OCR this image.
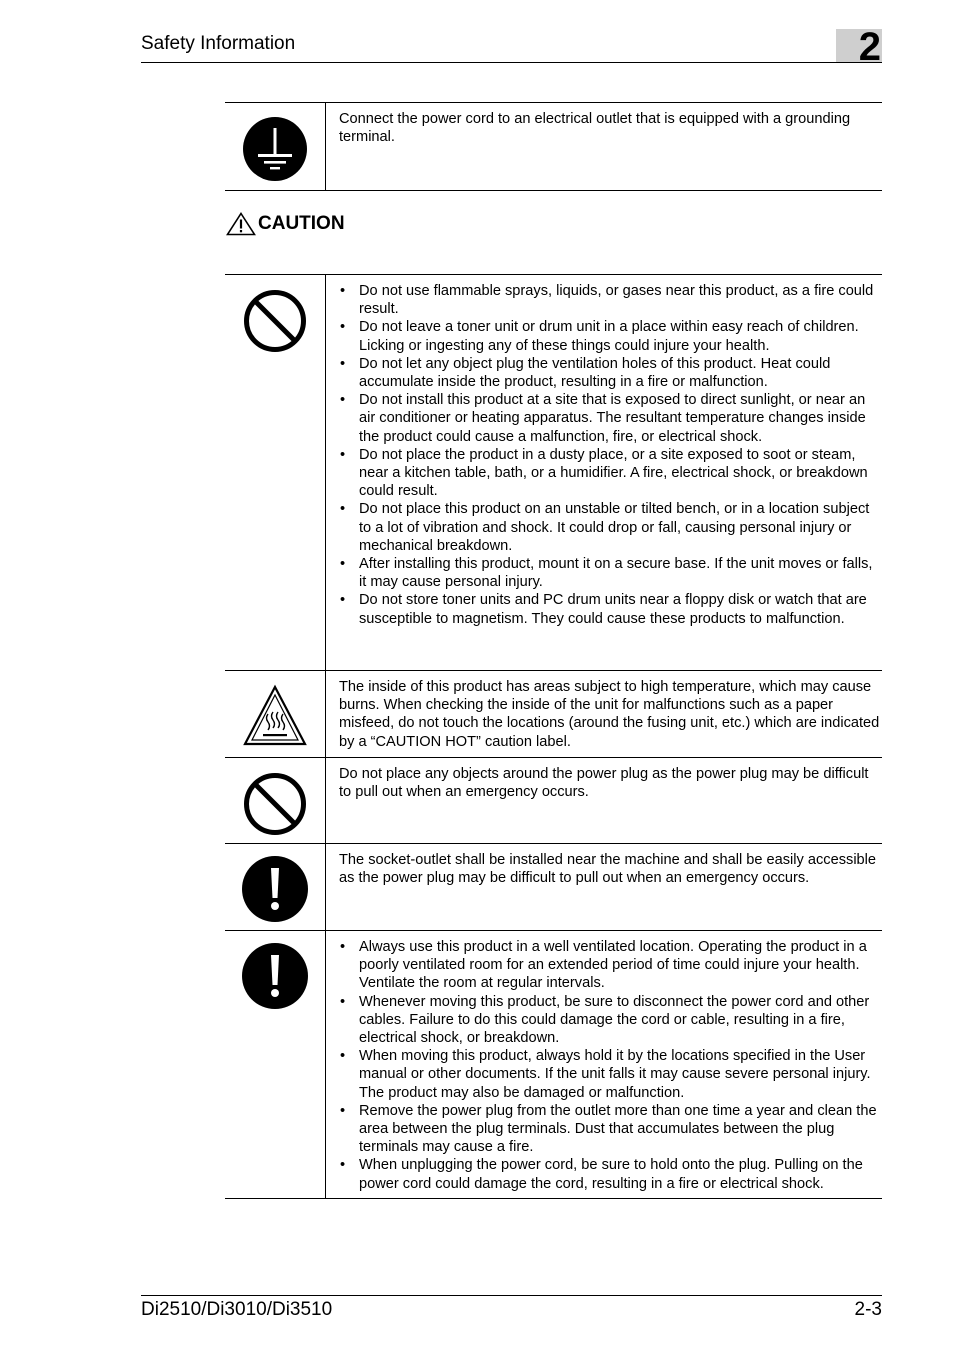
Safety Information	2

Connect the power cord to an electrical outlet that is equipped with a grounding terminal.

CAUTION
• Do not use flammable sprays, liquids, or gases near this product, as a fire could result.
• Do not leave a toner unit or drum unit in a place within easy reach of children.
Licking or ingesting any of these things could injure your health.
• Do not let any object plug the ventilation holes of this product. Heat could accumulate inside the product, resulting in a fire or malfunction.
• Do not install this product at a site that is exposed to direct sunlight, or near an air conditioner or heating apparatus. The resultant temperature changes inside the product could cause a malfunction, fire, or electrical shock.
• Do not place the product in a dusty place, or a site exposed to soot or steam, near a kitchen table, bath, or a humidifier. A fire, electrical shock, or breakdown could result.
• Do not place this product on an unstable or tilted bench, or in a location subject to a lot of vibration and shock. It could drop or fall, causing personal injury or mechanical breakdown.
• After installing this product, mount it on a secure base. If the unit moves or falls, it may cause personal injury.
• Do not store toner units and PC drum units near a floppy disk or watch that are susceptible to magnetism. They could cause these products to malfunction.

The inside of this product has areas subject to high temperature, which may cause burns. When checking the inside of the unit for malfunctions such as a paper misfeed, do not touch the locations (around the fusing unit, etc.) which are indicated by a “CAUTION HOT” caution label.

Do not place any objects around the power plug as the power plug may be difficult to pull out when an emergency occurs.

The socket-outlet shall be installed near the machine and shall be easily accessible as the power plug may be difficult to pull out when an emergency occurs.

• Always use this product in a well ventilated location. Operating the product in a poorly ventilated room for an extended period of time could injure your health. Ventilate the room at regular intervals.
• Whenever moving this product, be sure to disconnect the power cord and other cables. Failure to do this could damage the cord or cable, resulting in a fire, electrical shock, or breakdown.
• When moving this product, always hold it by the locations specified in the User manual or other documents. If the unit falls it may cause severe personal injury. The product may also be damaged or malfunction.
• Remove the power plug from the outlet more than one time a year and clean the area between the plug terminals. Dust that accumulates between the plug terminals may cause a fire.
• When unplugging the power cord, be sure to hold onto the plug. Pulling on the power cord could damage the cord, resulting in a fire or electrical shock.
Di2510/Di3010/Di3510	2-3
